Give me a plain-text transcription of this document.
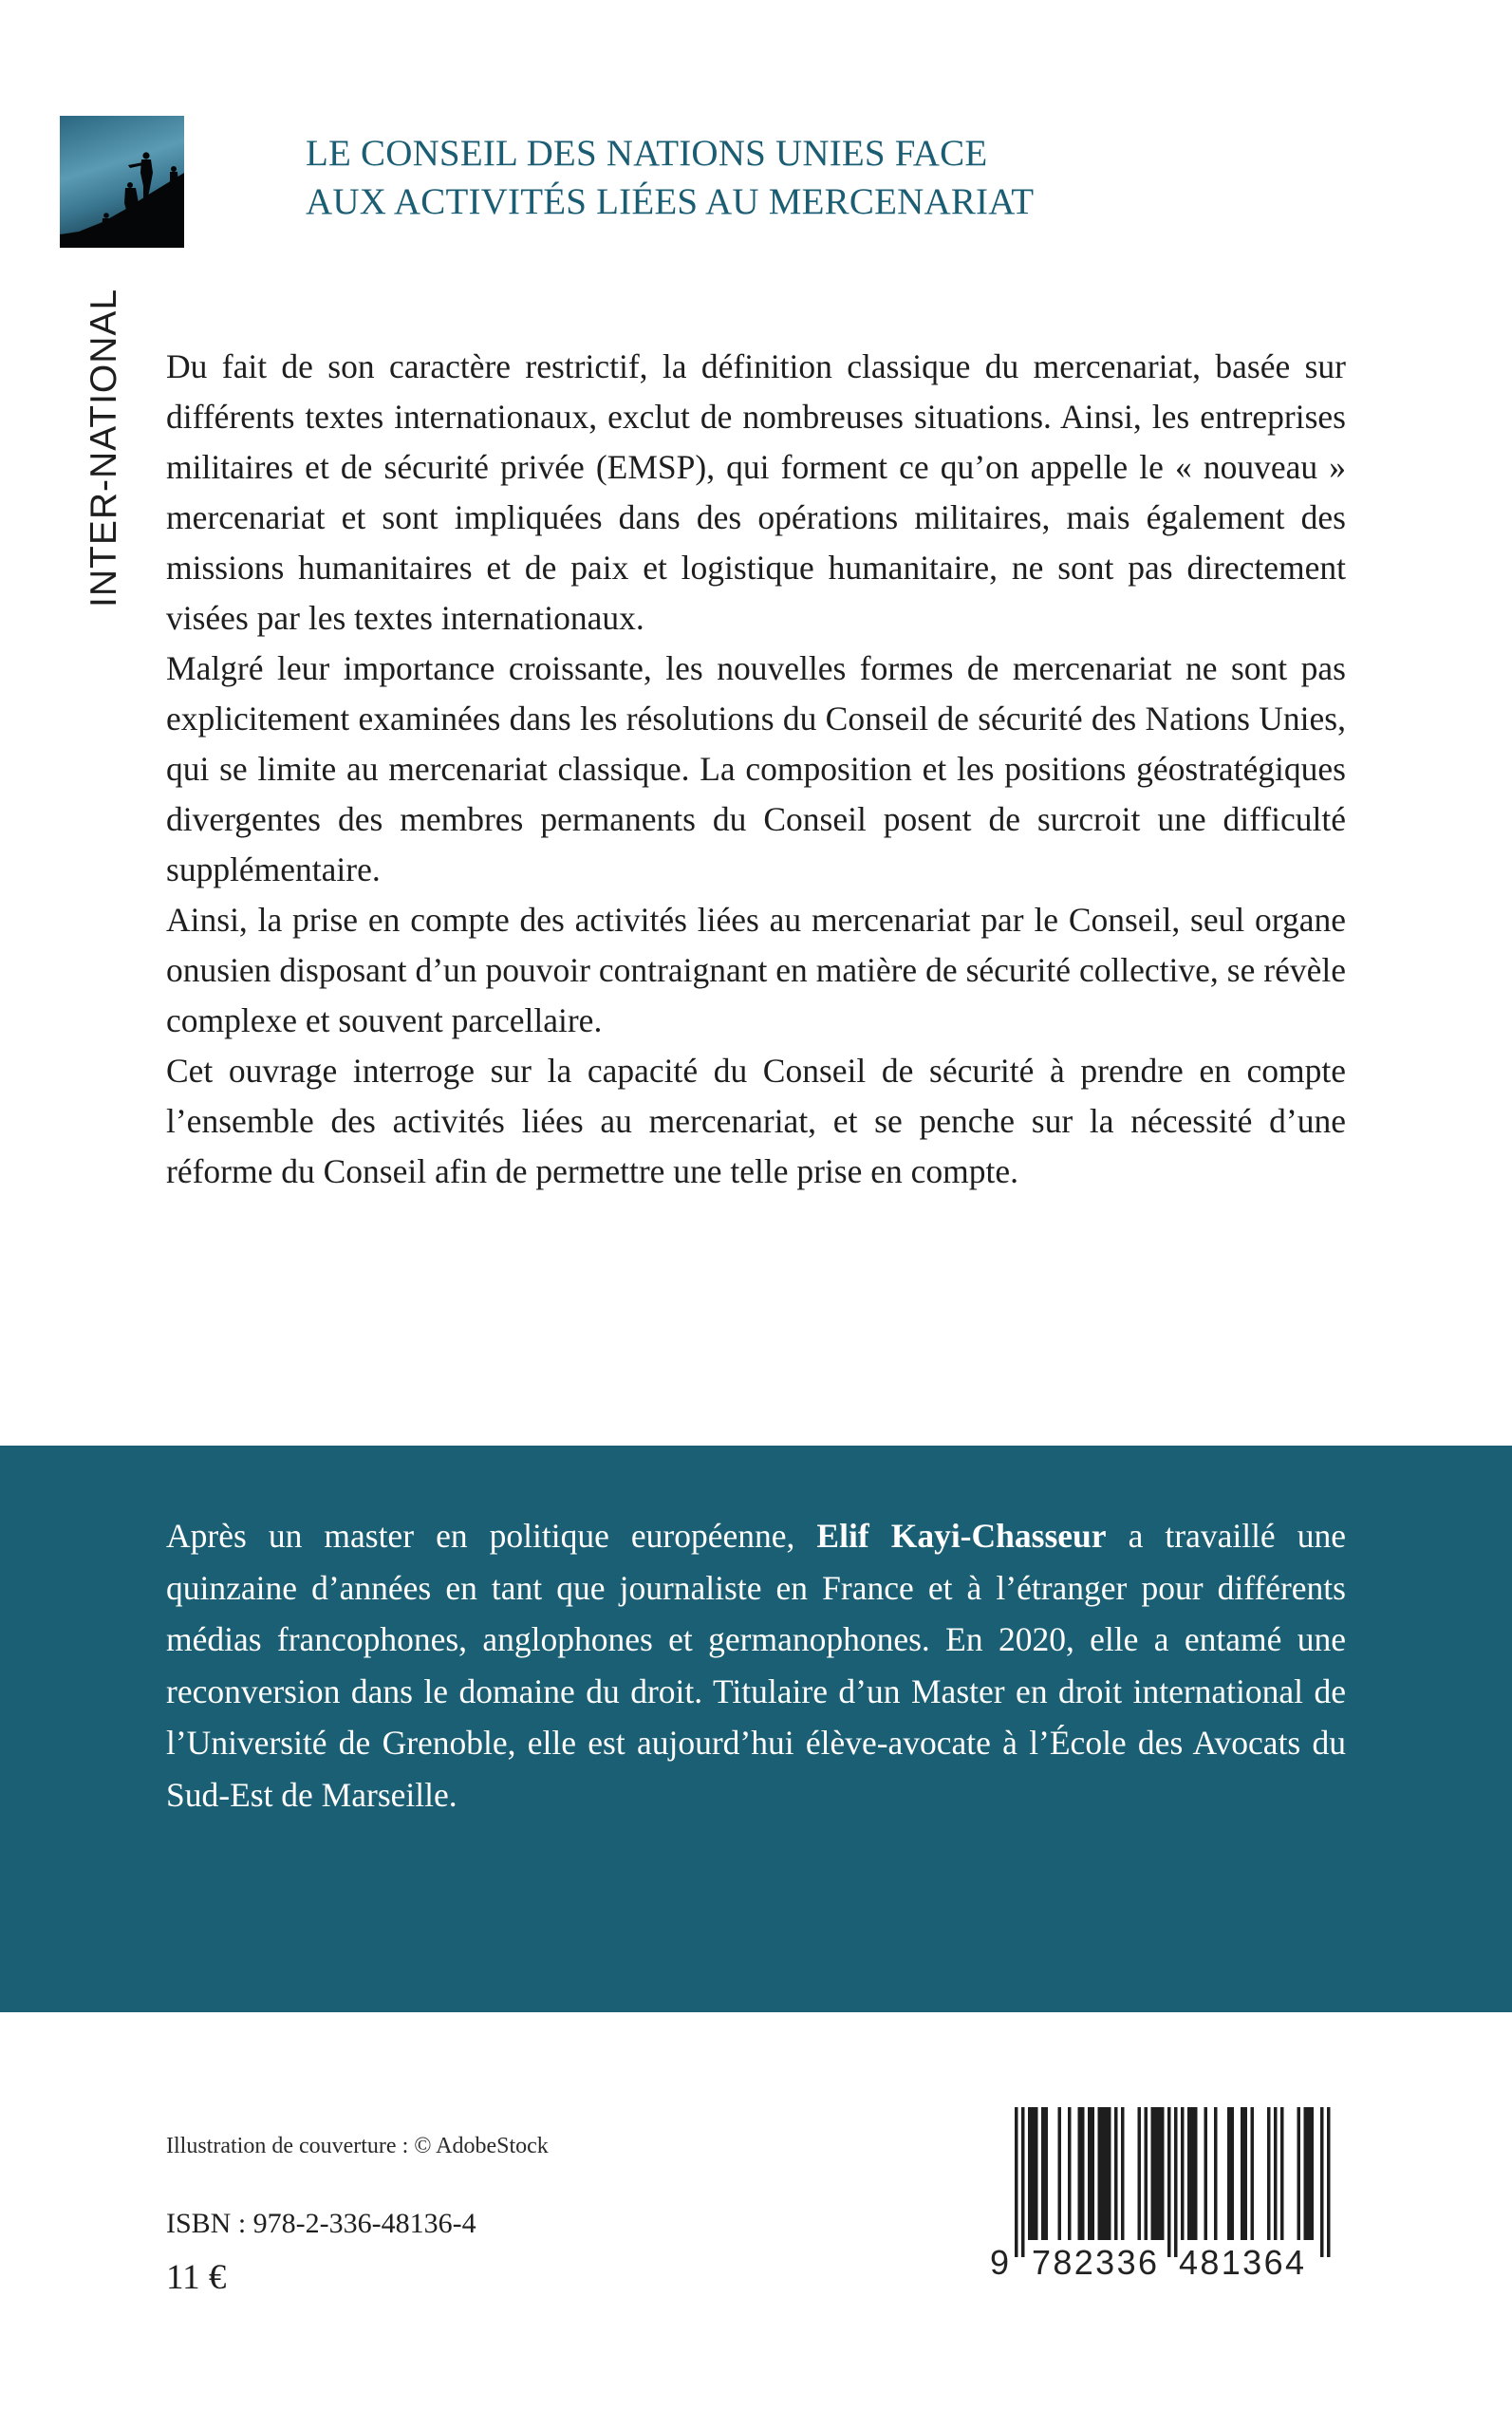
LE CONSEIL DES NATIONS UNIES FACE
AUX ACTIVITÉS LIÉES AU MERCENARIAT
INTER-NATIONAL Du fait de son caractère restrictif, la définition classique du mercenariat, basée sur différents textes internationaux, exclut de nombreuses situations. Ainsi, les entreprises militaires et de sécurité privée (EMSP), qui forment ce qu’on appelle le « nouveau » mercenariat et sont impliquées dans des opérations militaires, mais également des missions humanitaires et de paix et logistique humanitaire, ne sont pas directement visées par les textes internationaux.

Malgré leur importance croissante, les nouvelles formes de mercenariat ne sont pas explicitement examinées dans les résolutions du Conseil de sécurité des Nations Unies, qui se limite au mercenariat classique. La composition et les positions géostratégiques divergentes des membres permanents du Conseil posent de surcroit une difficulté supplémentaire.

Ainsi, la prise en compte des activités liées au mercenariat par le Conseil, seul organe onusien disposant d’un pouvoir contraignant en matière de sécurité collective, se révèle complexe et souvent parcellaire.

Cet ouvrage interroge sur la capacité du Conseil de sécurité à prendre en compte l’ensemble des activités liées au mercenariat, et se penche sur la nécessité d’une réforme du Conseil afin de permettre une telle prise en compte.

Après un master en politique européenne, Elif Kayi-Chasseur a travaillé une quinzaine d’années en tant que journaliste en France et à l’étranger pour différents médias francophones, anglophones et germanophones. En 2020, elle a entamé une reconversion dans le domaine du droit. Titulaire d’un Master en droit international de l’Université de Grenoble, elle est aujourd’hui élève-avocate à l’École des Avocats du Sud-Est de Marseille.

Illustration de couverture : © AdobeStock
ISBN : 978-2-336-48136-4
11 €	9 782336 481364
